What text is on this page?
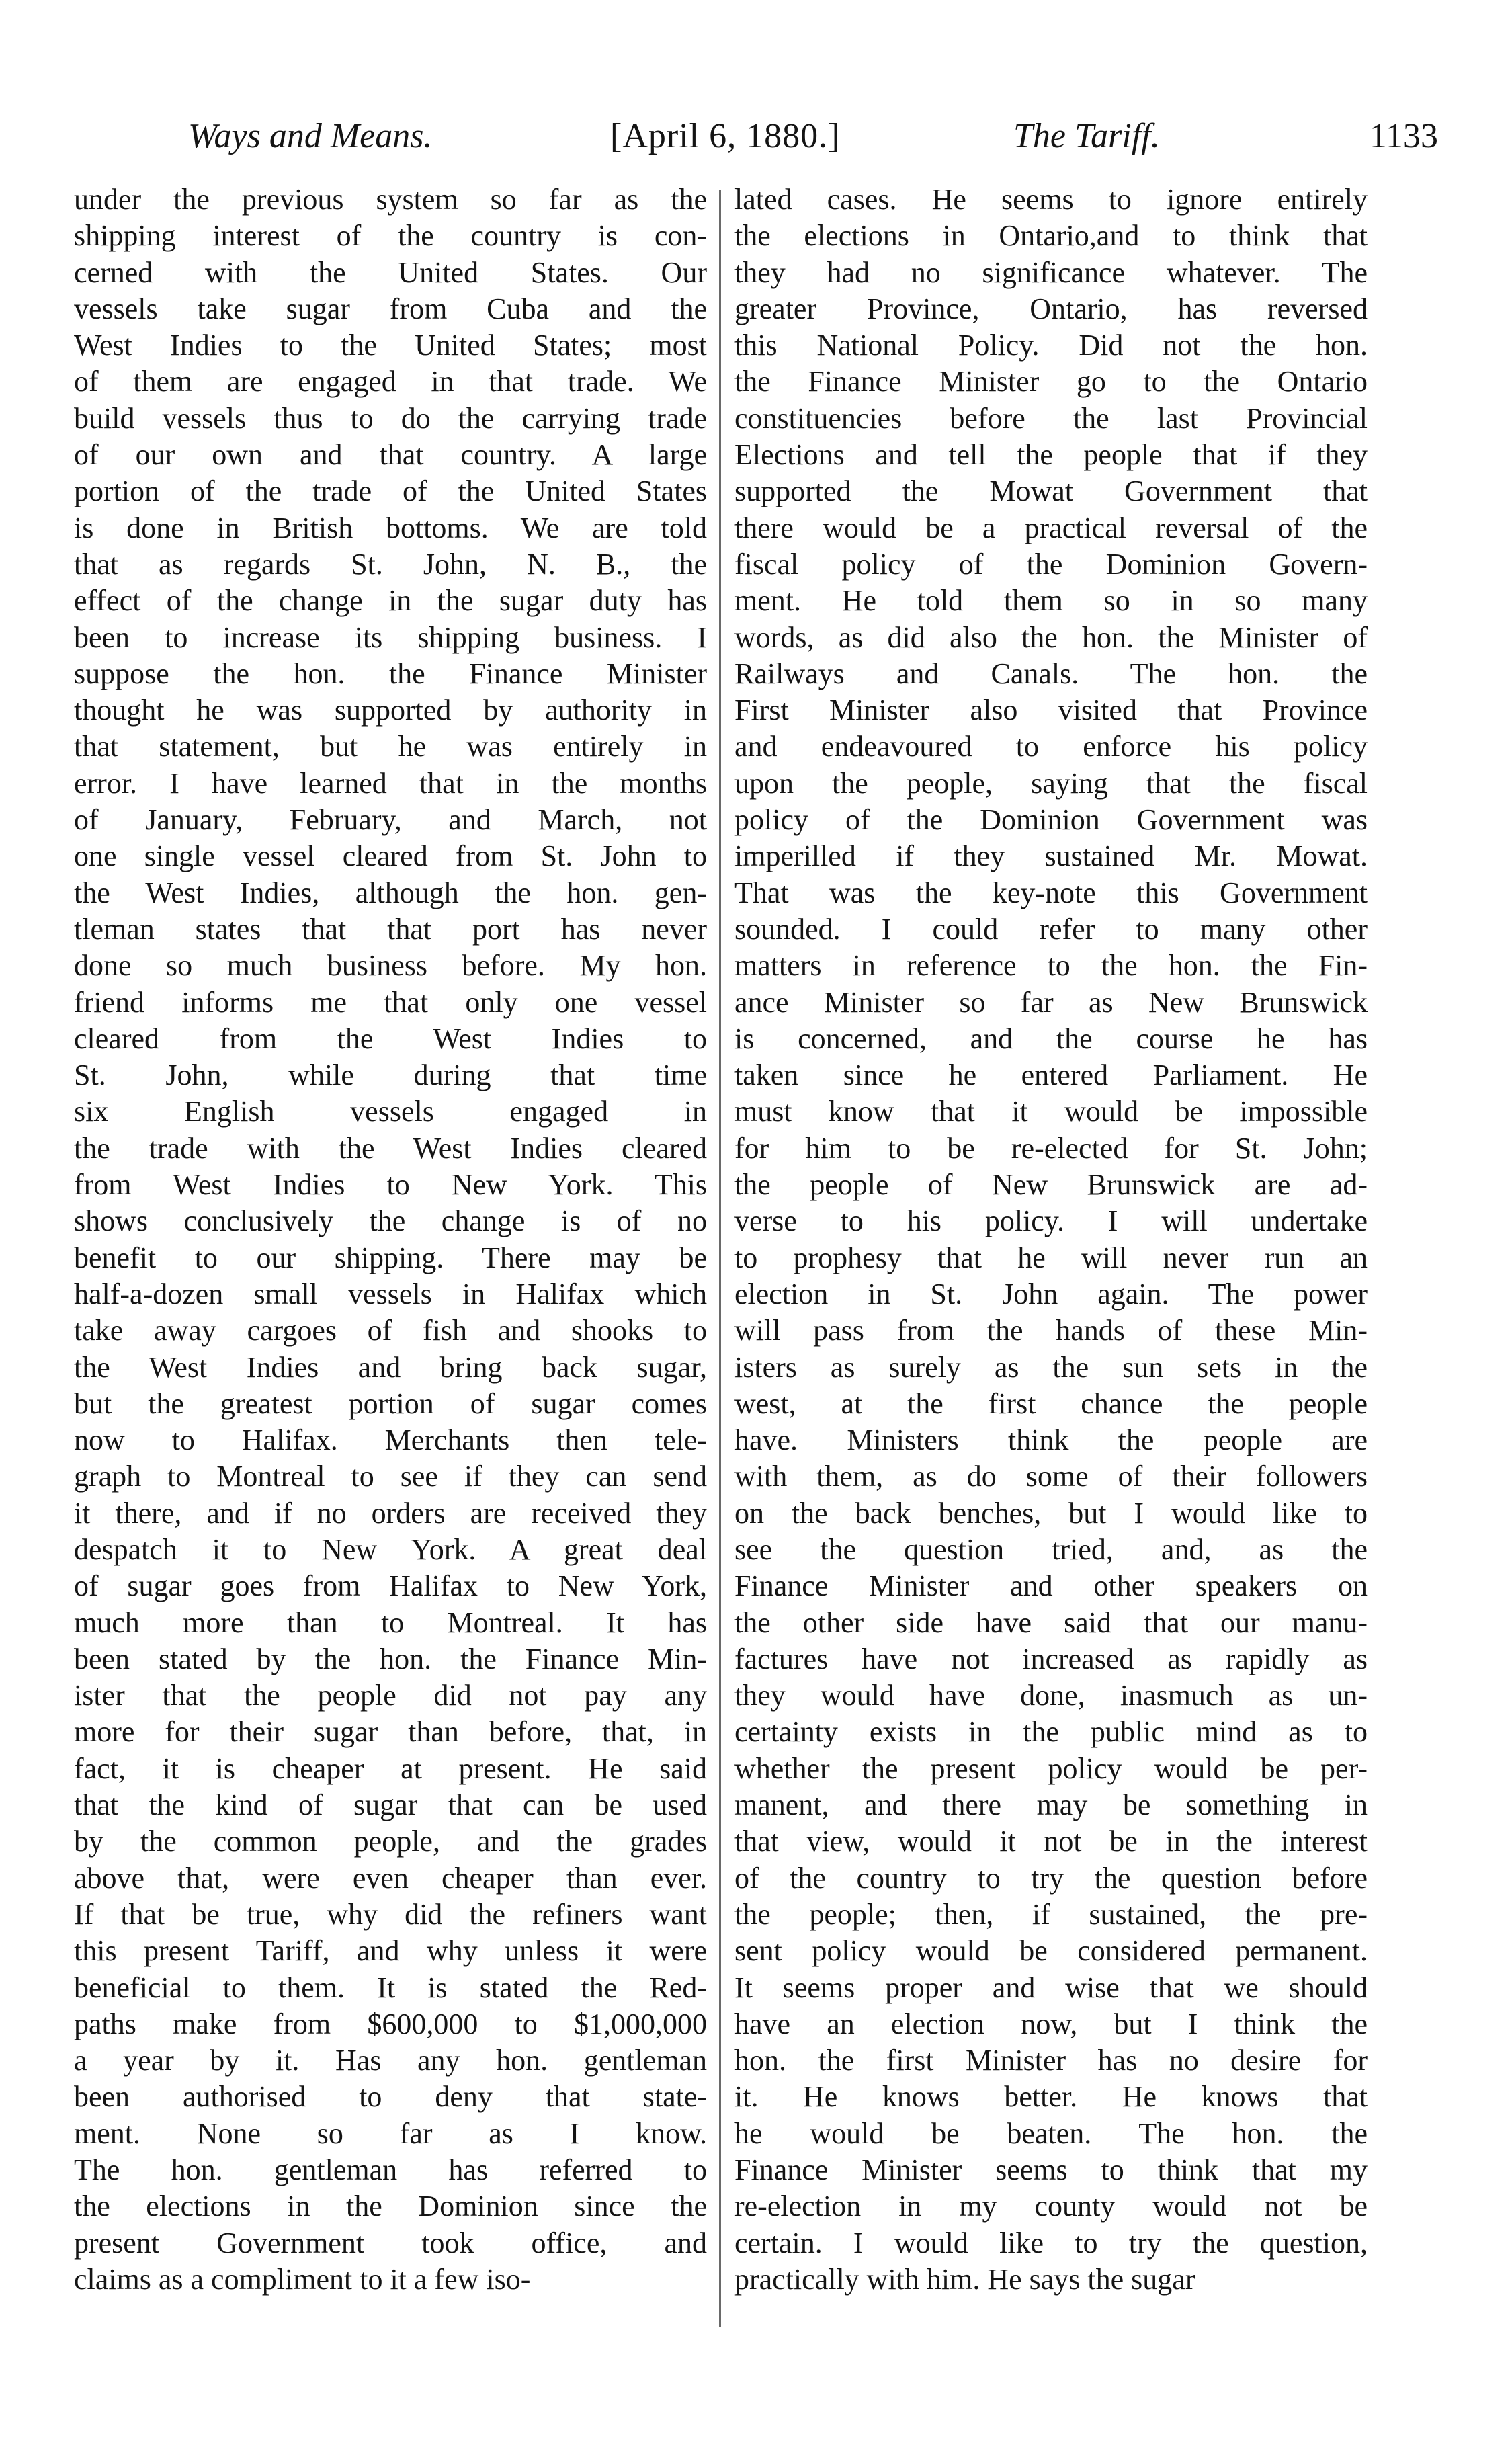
Ways and Means.	[April 6, 1880.]	The Tariff.	1133
under the previous system so far as the
shipping interest of the country is con-
cerned with the United States. Our
vessels take sugar from Cuba and the
West Indies to the United States; most
of them are engaged in that trade. We
build vessels thus to do the carrying trade
of our own and that country. A large
portion of the trade of the United States
is done in British bottoms. We are told
that as regards St. John, N. B., the
effect of the change in the sugar duty has
been to increase its shipping business. I
suppose the hon. the Finance Minister
thought he was supported by authority in
that statement, but he was entirely in
error. I have learned that in the months
of January, February, and March, not
one single vessel cleared from St. John to
the West Indies, although the hon. gen-
tleman states that that port has never
done so much business before. My hon.
friend informs me that only one vessel
cleared from the West Indies to
St. John, while during that time
six English vessels engaged in
the trade with the West Indies cleared
from West Indies to New York. This
shows conclusively the change is of no
benefit to our shipping. There may be
half-a-dozen small vessels in Halifax which
take away cargoes of fish and shooks to
the West Indies and bring back sugar,
but the greatest portion of sugar comes
now to Halifax. Merchants then tele-
graph to Montreal to see if they can send
it there, and if no orders are received they
despatch it to New York. A great deal
of sugar goes from Halifax to New York,
much more than to Montreal. It has
been stated by the hon. the Finance Min-
ister that the people did not pay any
more for their sugar than before, that, in
fact, it is cheaper at present. He said
that the kind of sugar that can be used
by the common people, and the grades
above that, were even cheaper than ever.
If that be true, why did the refiners want
this present Tariff, and why unless it were
beneficial to them. It is stated the Red-
paths make from $600,000 to $1,000,000
a year by it. Has any hon. gentleman
been authorised to deny that state-
ment. None so far as I know.
The hon. gentleman has referred to
the elections in the Dominion since the
present Government took office, and
claims as a compliment to it a few iso-
lated cases. He seems to ignore entirely
the elections in Ontario,and to think that
they had no significance whatever. The
greater Province, Ontario, has reversed
this National Policy. Did not the hon.
the Finance Minister go to the Ontario
constituencies before the last Provincial
Elections and tell the people that if they
supported the Mowat Government that
there would be a practical reversal of the
fiscal policy of the Dominion Govern-
ment. He told them so in so many
words, as did also the hon. the Minister of
Railways and Canals. The hon. the
First Minister also visited that Province
and endeavoured to enforce his policy
upon the people, saying that the fiscal
policy of the Dominion Government was
imperilled if they sustained Mr. Mowat.
That was the key-note this Government
sounded. I could refer to many other
matters in reference to the hon. the Fin-
ance Minister so far as New Brunswick
is concerned, and the course he has
taken since he entered Parliament. He
must know that it would be impossible
for him to be re-elected for St. John;
the people of New Brunswick are ad-
verse to his policy. I will undertake
to prophesy that he will never run an
election in St. John again. The power
will pass from the hands of these Min-
isters as surely as the sun sets in the
west, at the first chance the people
have. Ministers think the people are
with them, as do some of their followers
on the back benches, but I would like to
see the question tried, and, as the
Finance Minister and other speakers on
the other side have said that our manu-
factures have not increased as rapidly as
they would have done, inasmuch as un-
certainty exists in the public mind as to
whether the present policy would be per-
manent, and there may be something in
that view, would it not be in the interest
of the country to try the question before
the people; then, if sustained, the pre-
sent policy would be considered permanent.
It seems proper and wise that we should
have an election now, but I think the
hon. the first Minister has no desire for
it. He knows better. He knows that
he would be beaten. The hon. the
Finance Minister seems to think that my
re-election in my county would not be
certain. I would like to try the question,
practically with him. He says the sugar
